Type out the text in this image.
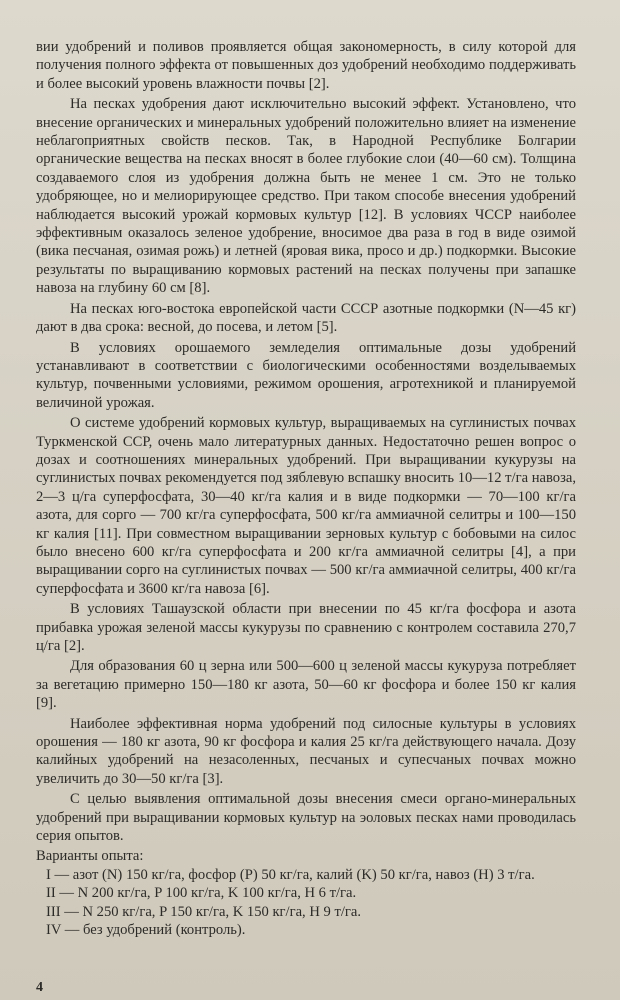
вии удобрений и поливов проявляется общая закономерность, в силу которой для получения полного эффекта от повышенных доз удобрений необходимо поддерживать и более высокий уровень влажности почвы [2].

На песках удобрения дают исключительно высокий эффект. Установлено, что внесение органических и минеральных удобрений положительно влияет на изменение неблагоприятных свойств песков. Так, в Народной Республике Болгарии органические вещества на песках вносят в более глубокие слои (40—60 см). Толщина создаваемого слоя из удобрения должна быть не менее 1 см. Это не только удобряющее, но и мелиорирующее средство. При таком способе внесения удобрений наблюдается высокий урожай кормовых культур [12]. В условиях ЧССР наиболее эффективным оказалось зеленое удобрение, вносимое два раза в год в виде озимой (вика песчаная, озимая рожь) и летней (яровая вика, просо и др.) подкормки. Высокие результаты по выращиванию кормовых растений на песках получены при запашке навоза на глубину 60 см [8].

На песках юго-востока европейской части СССР азотные подкормки (N—45 кг) дают в два срока: весной, до посева, и летом [5].

В условиях орошаемого земледелия оптимальные дозы удобрений устанавливают в соответствии с биологическими особенностями возделываемых культур, почвенными условиями, режимом орошения, агротехникой и планируемой величиной урожая.

О системе удобрений кормовых культур, выращиваемых на суглинистых почвах Туркменской ССР, очень мало литературных данных. Недостаточно решен вопрос о дозах и соотношениях минеральных удобрений. При выращивании кукурузы на суглинистых почвах рекомендуется под зяблевую вспашку вносить 10—12 т/га навоза, 2—3 ц/га суперфосфата, 30—40 кг/га калия и в виде подкормки — 70—100 кг/га азота, для сорго — 700 кг/га суперфосфата, 500 кг/га аммиачной селитры и 100—150 кг калия [11]. При совместном выращивании зерновых культур с бобовыми на силос было внесено 600 кг/га суперфосфата и 200 кг/га аммиачной селитры [4], а при выращивании сорго на суглинистых почвах — 500 кг/га аммиачной селитры, 400 кг/га суперфосфата и 3600 кг/га навоза [6].

В условиях Ташаузской области при внесении по 45 кг/га фосфора и азота прибавка урожая зеленой массы кукурузы по сравнению с контролем составила 270,7 ц/га [2].

Для образования 60 ц зерна или 500—600 ц зеленой массы кукуруза потребляет за вегетацию примерно 150—180 кг азота, 50—60 кг фосфора и более 150 кг калия [9].

Наиболее эффективная норма удобрений под силосные культуры в условиях орошения — 180 кг азота, 90 кг фосфора и калия 25 кг/га действующего начала. Дозу калийных удобрений на незасоленных, песчаных и супесчаных почвах можно увеличить до 30—50 кг/га [3].

С целью выявления оптимальной дозы внесения смеси органо-минеральных удобрений при выращивании кормовых культур на эоловых песках нами проводилась серия опытов.

Варианты опыта:

I — азот (N) 150 кг/га, фосфор (P) 50 кг/га, калий (K) 50 кг/га, навоз (H) 3 т/га.

II — N 200 кг/га, P 100 кг/га, K 100 кг/га, H 6 т/га.

III — N 250 кг/га, P 150 кг/га, K 150 кг/га, H 9 т/га.

IV — без удобрений (контроль).

4
